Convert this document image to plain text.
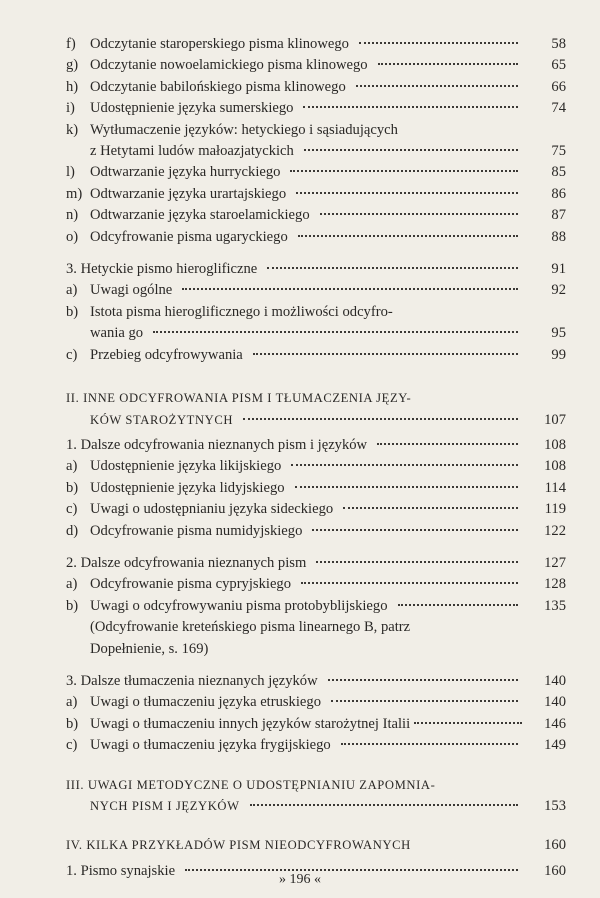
f) Odczytanie staroperskiego pisma klinowego	58
g) Odczytanie nowoelamickiego pisma klinowego	65
h) Odczytanie babilońskiego pisma klinowego	66
i) Udostępnienie języka sumerskiego	74
k) Wytłumaczenie języków: hetyckiego i sąsiadujących
z Hetytami ludów małoazjatyckich	75
l) Odtwarzanie języka hurryckiego	85
m) Odtwarzanie języka urartajskiego	86
n) Odtwarzanie języka staroelamickiego	87
o) Odcyfrowanie pisma ugaryckiego	88
3. Hetyckie pismo hieroglificzne	91
a) Uwagi ogólne	92
b) Istota pisma hieroglificznego i możliwości odcyfro-
wania go	95
c) Przebieg odcyfrowywania	99
II. INNE ODCYFROWANIA PISM I TŁUMACZENIA JĘZY-
KÓW STAROŻYTNYCH	107
1. Dalsze odcyfrowania nieznanych pism i języków	108
a) Udostępnienie języka likijskiego	108
b) Udostępnienie języka lidyjskiego	114
c) Uwagi o udostępnianiu języka sideckiego	119
d) Odcyfrowanie pisma numidyjskiego	122
2. Dalsze odcyfrowania nieznanych pism	127
a) Odcyfrowanie pisma cypryjskiego	128
b) Uwagi o odcyfrowywaniu pisma protobyblijskiego	135
(Odcyfrowanie kreteńskiego pisma linearnego B, patrz
Dopełnienie, s. 169)
3. Dalsze tłumaczenia nieznanych języków	140
a) Uwagi o tłumaczeniu języka etruskiego	140
b) Uwagi o tłumaczeniu innych języków starożytnej Italii	146
c) Uwagi o tłumaczeniu języka frygijskiego	149
III. UWAGI METODYCZNE O UDOSTĘPNIANIU ZAPOMNIA-
NYCH PISM I JĘZYKÓW	153
IV. KILKA PRZYKŁADÓW PISM NIEODCYFROWANYCH	160
1. Pismo synajskie	160
» 196 «
